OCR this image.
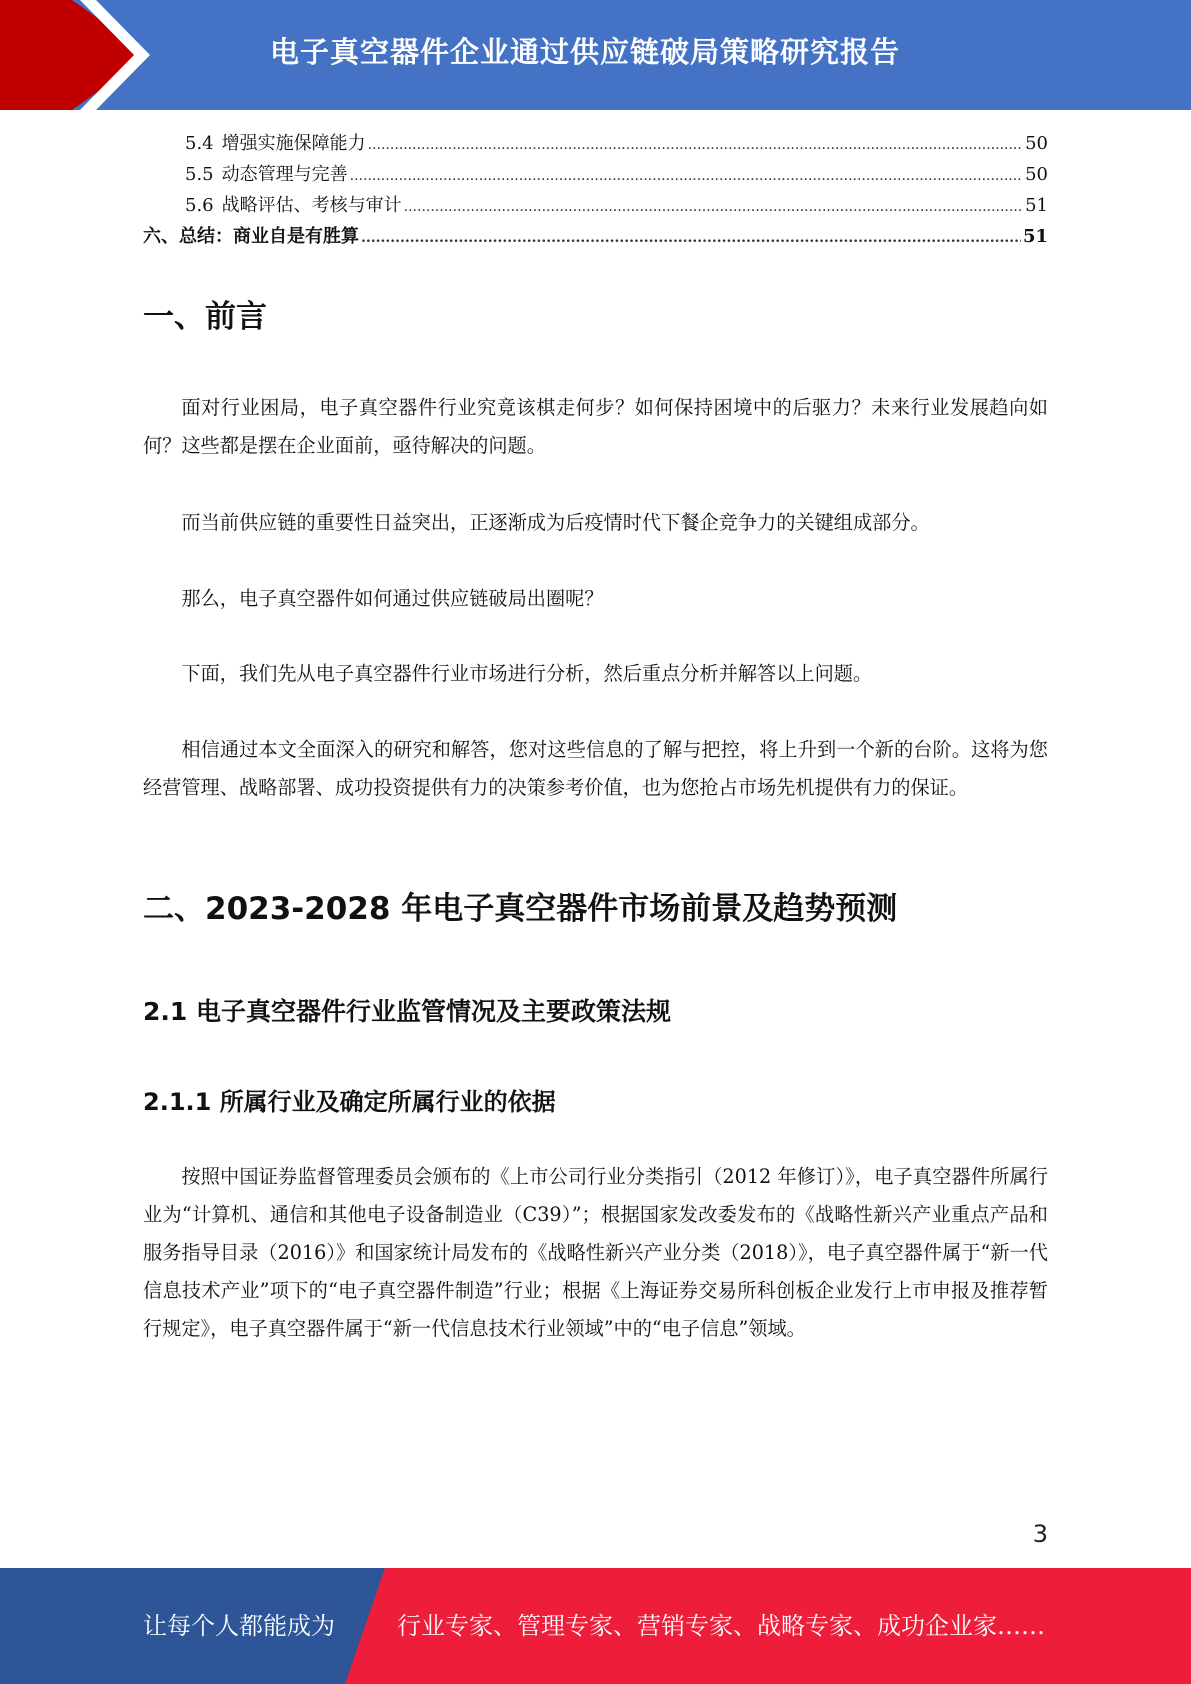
电子真空器件企业通过供应链破局策略研究报告
5.4 增强实施保障能力 .....	50
5.5 动态管理与完善 .....	50
5.6 战略评估、考核与审计 .....	51
六、总结：商业自是有胜算 .....	51
一、前言

面对行业困局，电子真空器件行业究竟该棋走何步？如何保持困境中的后驱力？未来行业发展趋向如何？这些都是摆在企业面前，亟待解决的问题。

而当前供应链的重要性日益突出，正逐渐成为后疫情时代下餐企竞争力的关键组成部分。

那么，电子真空器件如何通过供应链破局出圈呢？

下面，我们先从电子真空器件行业市场进行分析，然后重点分析并解答以上问题。

相信通过本文全面深入的研究和解答，您对这些信息的了解与把控，将上升到一个新的台阶。这将为您经营管理、战略部署、成功投资提供有力的决策参考价值，也为您抢占市场先机提供有力的保证。

二、2023-2028 年电子真空器件市场前景及趋势预测
2.1 电子真空器件行业监管情况及主要政策法规
2.1.1 所属行业及确定所属行业的依据

按照中国证券监督管理委员会颁布的《上市公司行业分类指引（2012 年修订）》，电子真空器件所属行业为“计算机、通信和其他电子设备制造业（C39）”；根据国家发改委发布的《战略性新兴产业重点产品和服务指导目录（2016）》和国家统计局发布的《战略性新兴产业分类（2018）》，电子真空器件属于“新一代信息技术产业”项下的“电子真空器件制造”行业；根据《上海证券交易所科创板企业发行上市申报及推荐暂行规定》，电子真空器件属于“新一代信息技术行业领域”中的“电子信息”领域。

3
让每个人都能成为	行业专家、管理专家、营销专家、战略专家、成功企业家……
